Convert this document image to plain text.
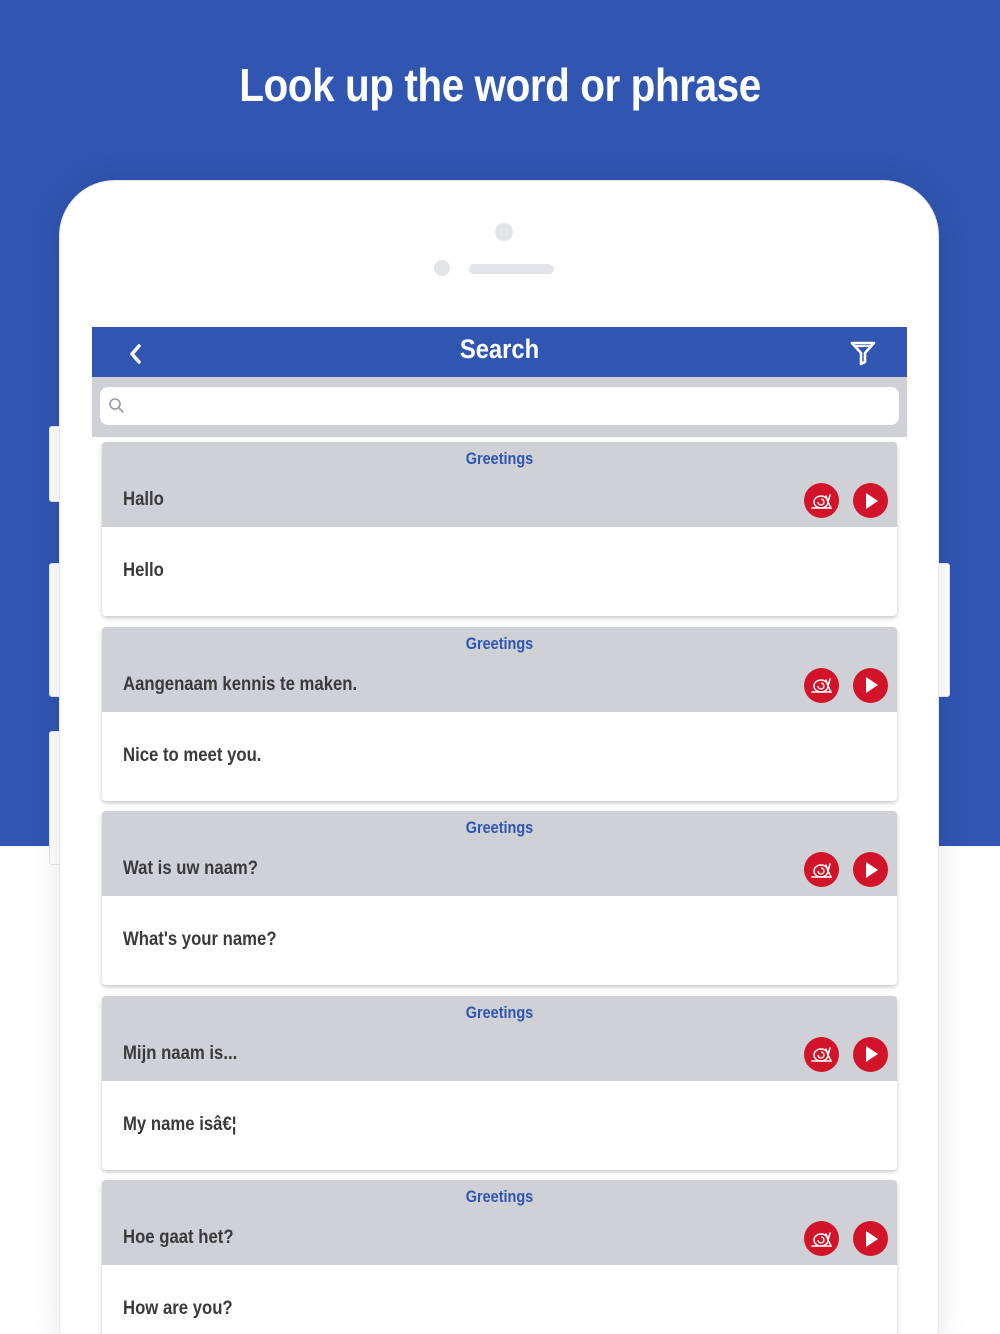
Look up the word or phrase
Search
Greetings
Hallo
Hello
Greetings
Aangenaam kennis te maken.
Nice to meet you.
Greetings
Wat is uw naam?
What's your name?
Greetings
Mijn naam is...
My name isâ€¦
Greetings
Hoe gaat het?
How are you?
